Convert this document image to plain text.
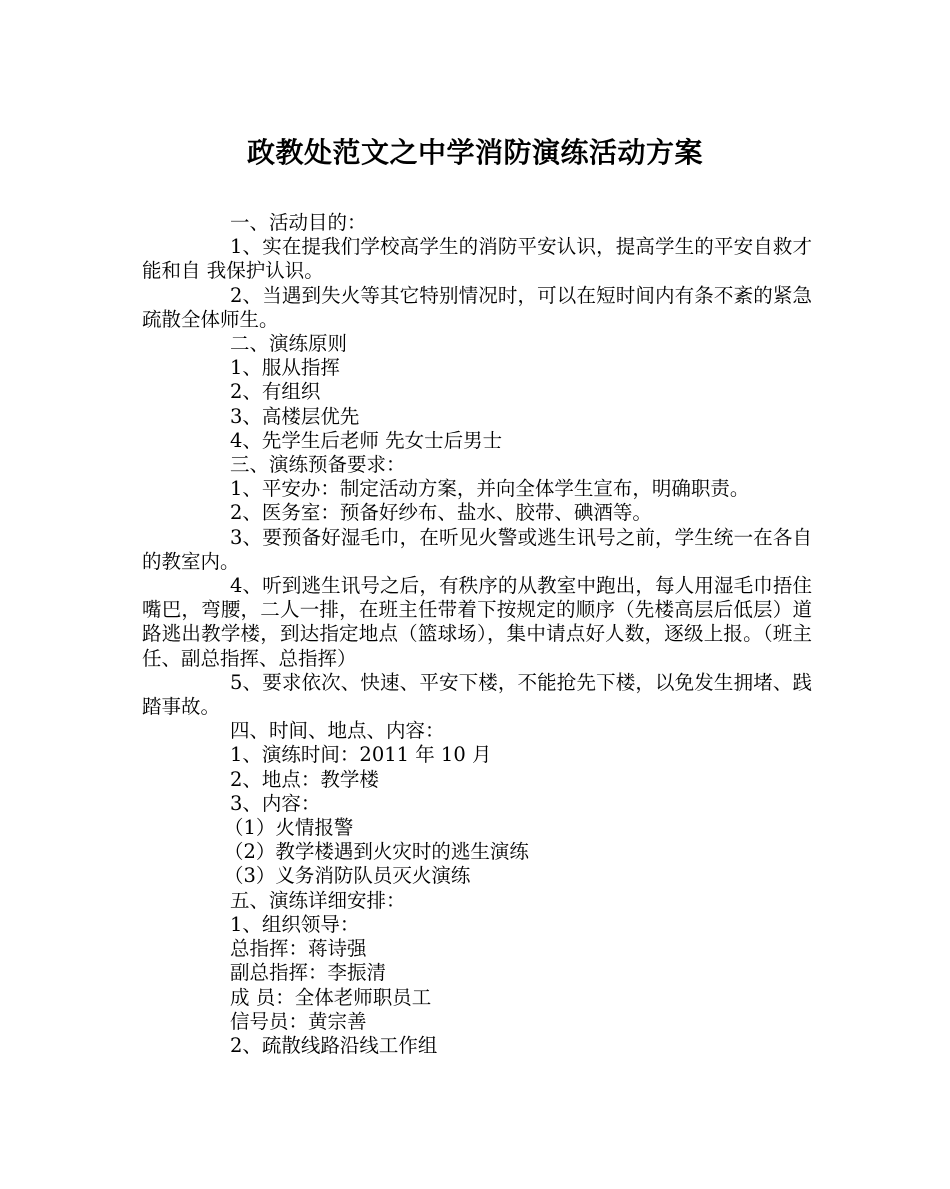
政教处范文之中学消防演练活动方案

一、活动目的：

1、实在提我们学校高学生的消防平安认识，提高学生的平安自救才能和自 我保护认识。

2、当遇到失火等其它特别情况时，可以在短时间内有条不紊的紧急疏散全体师生。

二、演练原则

1、服从指挥

2、有组织

3、高楼层优先

4、先学生后老师 先女士后男士

三、演练预备要求：

1、平安办：制定活动方案，并向全体学生宣布，明确职责。

2、医务室：预备好纱布、盐水、胶带、碘酒等。

3、要预备好湿毛巾，在听见火警或逃生讯号之前，学生统一在各自的教室内。

4、听到逃生讯号之后，有秩序的从教室中跑出，每人用湿毛巾捂住嘴巴，弯腰，二人一排，在班主任带着下按规定的顺序（先楼高层后低层）道路逃出教学楼，到达指定地点（篮球场），集中请点好人数，逐级上报。（班主任、副总指挥、总指挥）

5、要求依次、快速、平安下楼，不能抢先下楼，以免发生拥堵、践踏事故。

四、时间、地点、内容：

1、演练时间：2011 年 10 月

2、地点：教学楼

3、内容：

（1）火情报警

（2）教学楼遇到火灾时的逃生演练

（3）义务消防队员灭火演练

五、演练详细安排：

1、组织领导：

总指挥：蒋诗强

副总指挥：李振清

成 员：全体老师职员工

信号员：黄宗善

2、疏散线路沿线工作组
